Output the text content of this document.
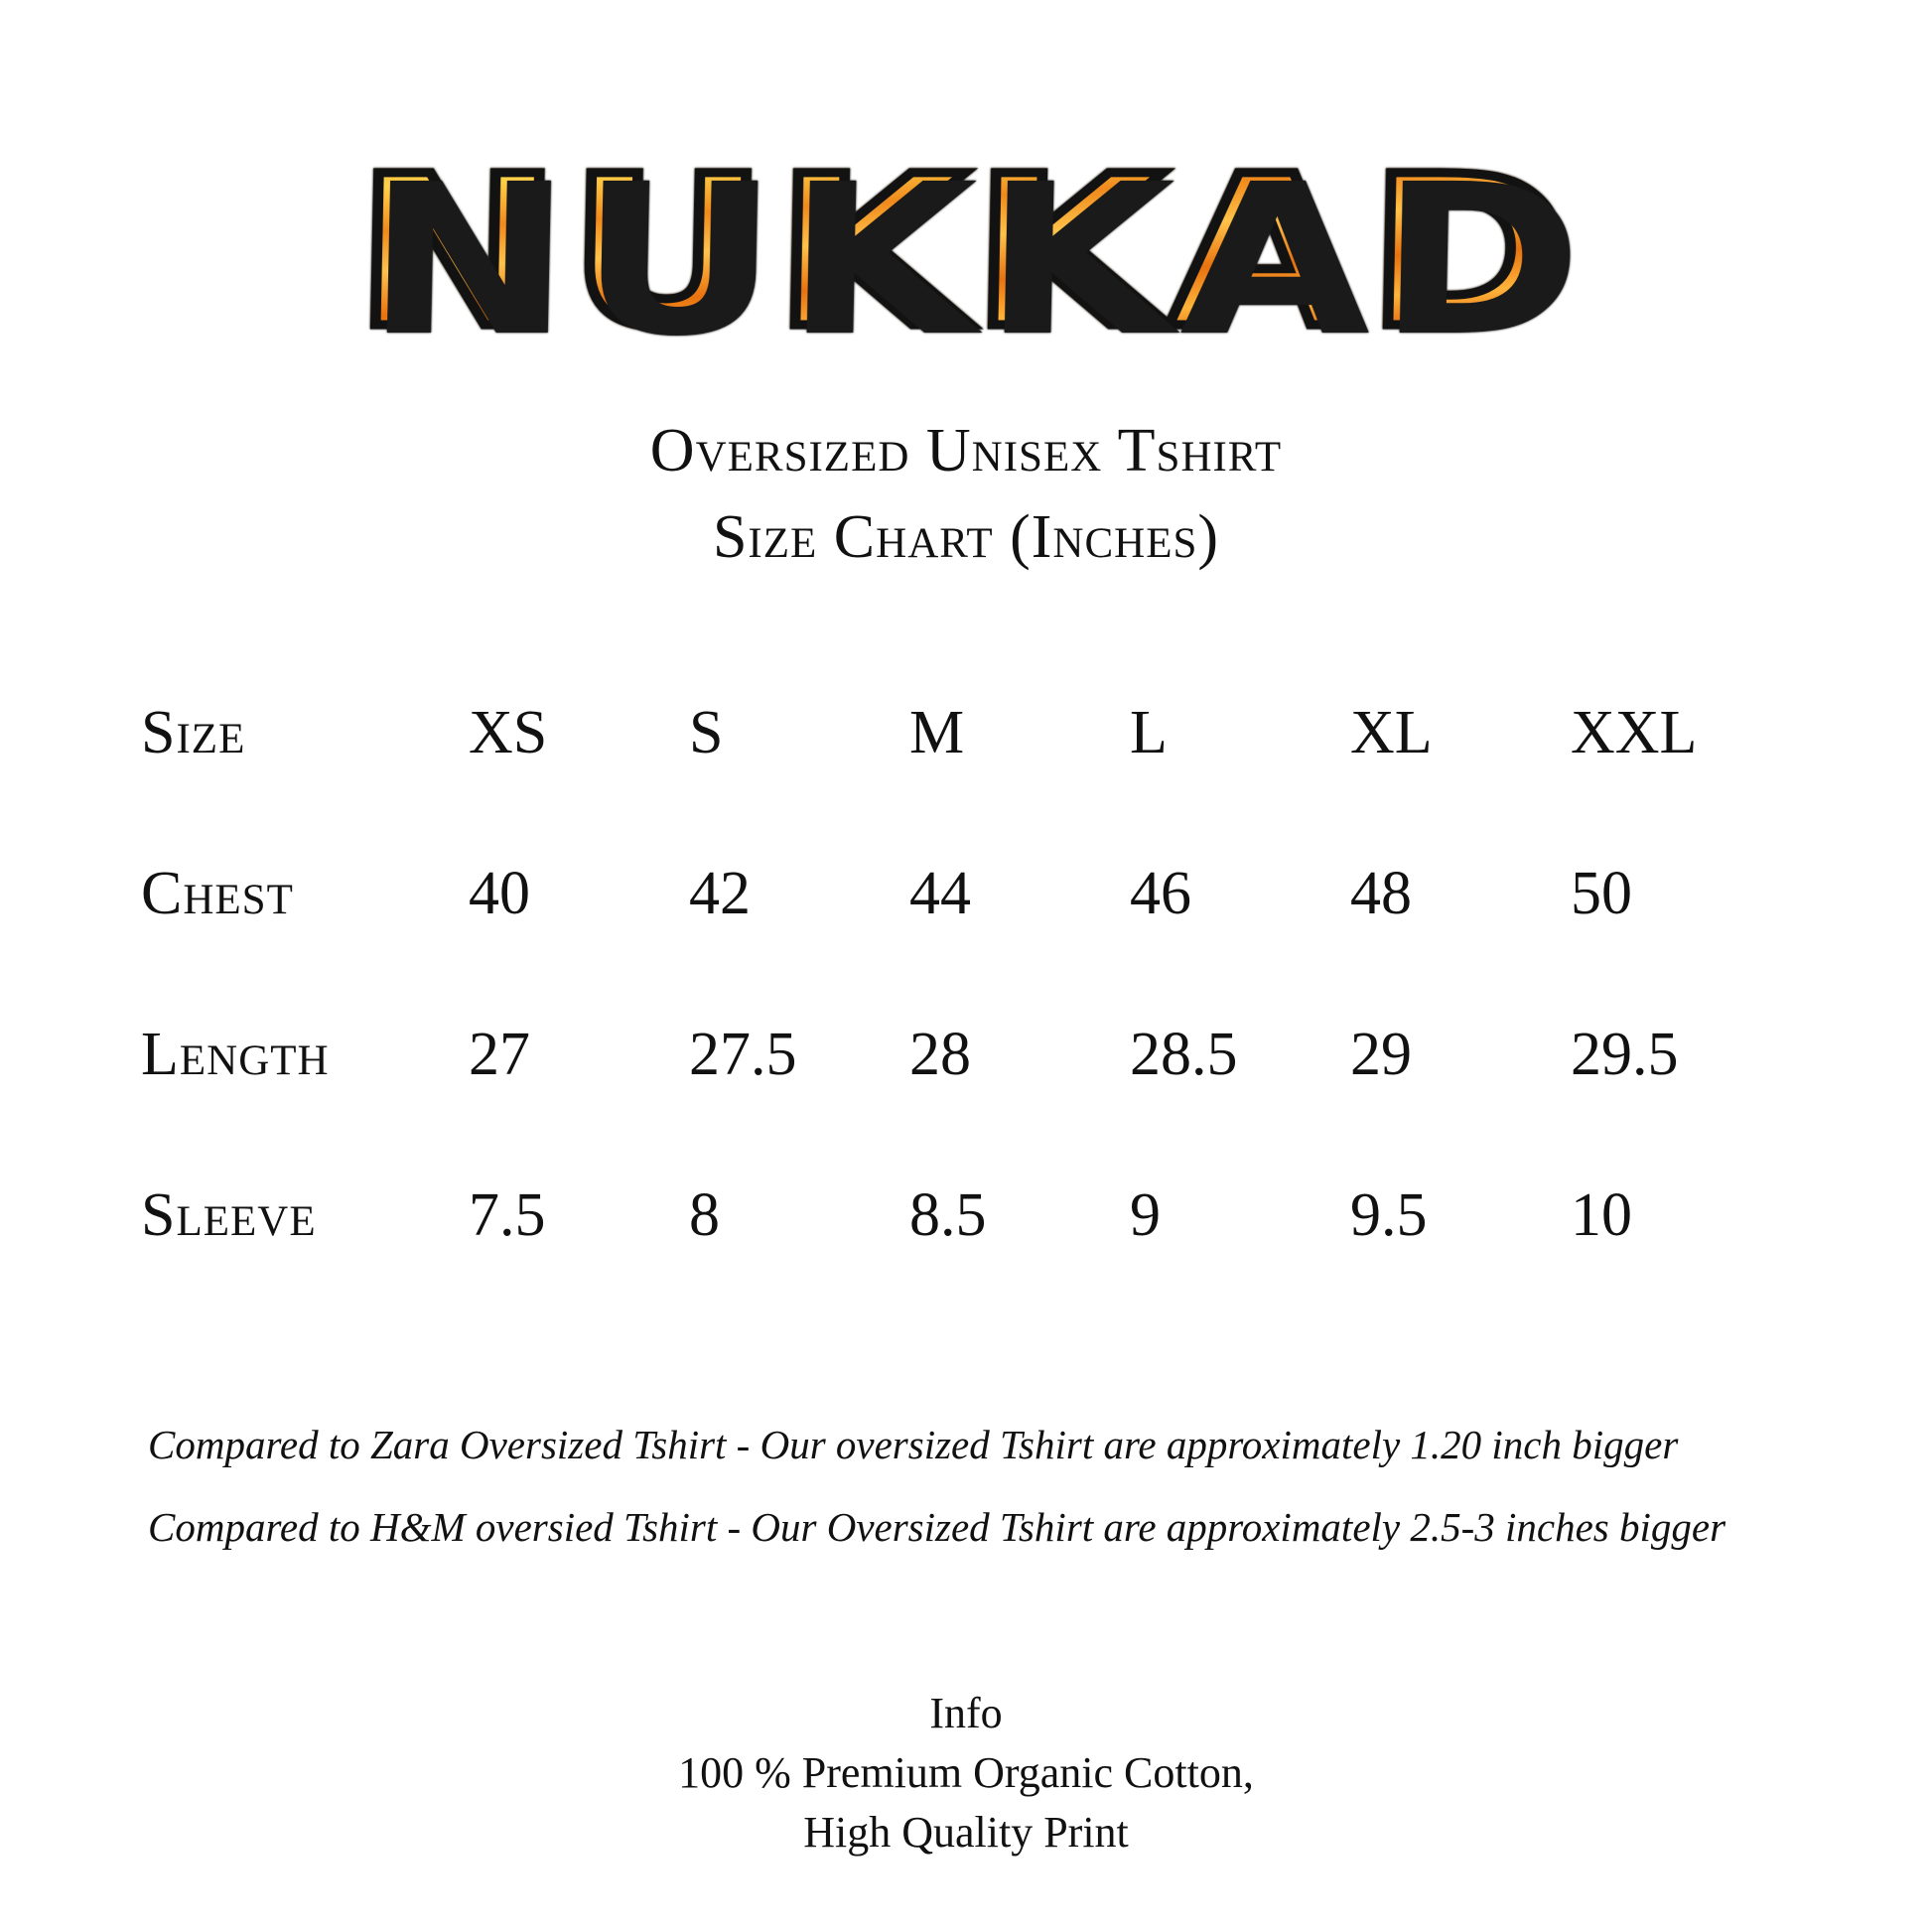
NUKKAD
Oversized Unisex Tshirt
Size Chart (Inches)
Size	XS	S	M	L	XL	XXL
Chest	40	42	44	46	48	50
Length	27	27.5	28	28.5	29	29.5
Sleeve	7.5	8	8.5	9	9.5	10
Compared to Zara Oversized Tshirt - Our oversized Tshirt are approximately 1.20 inch bigger
Compared to H&M oversied Tshirt - Our Oversized Tshirt are approximately 2.5-3 inches bigger
Info
100 % Premium Organic Cotton,
High Quality Print
